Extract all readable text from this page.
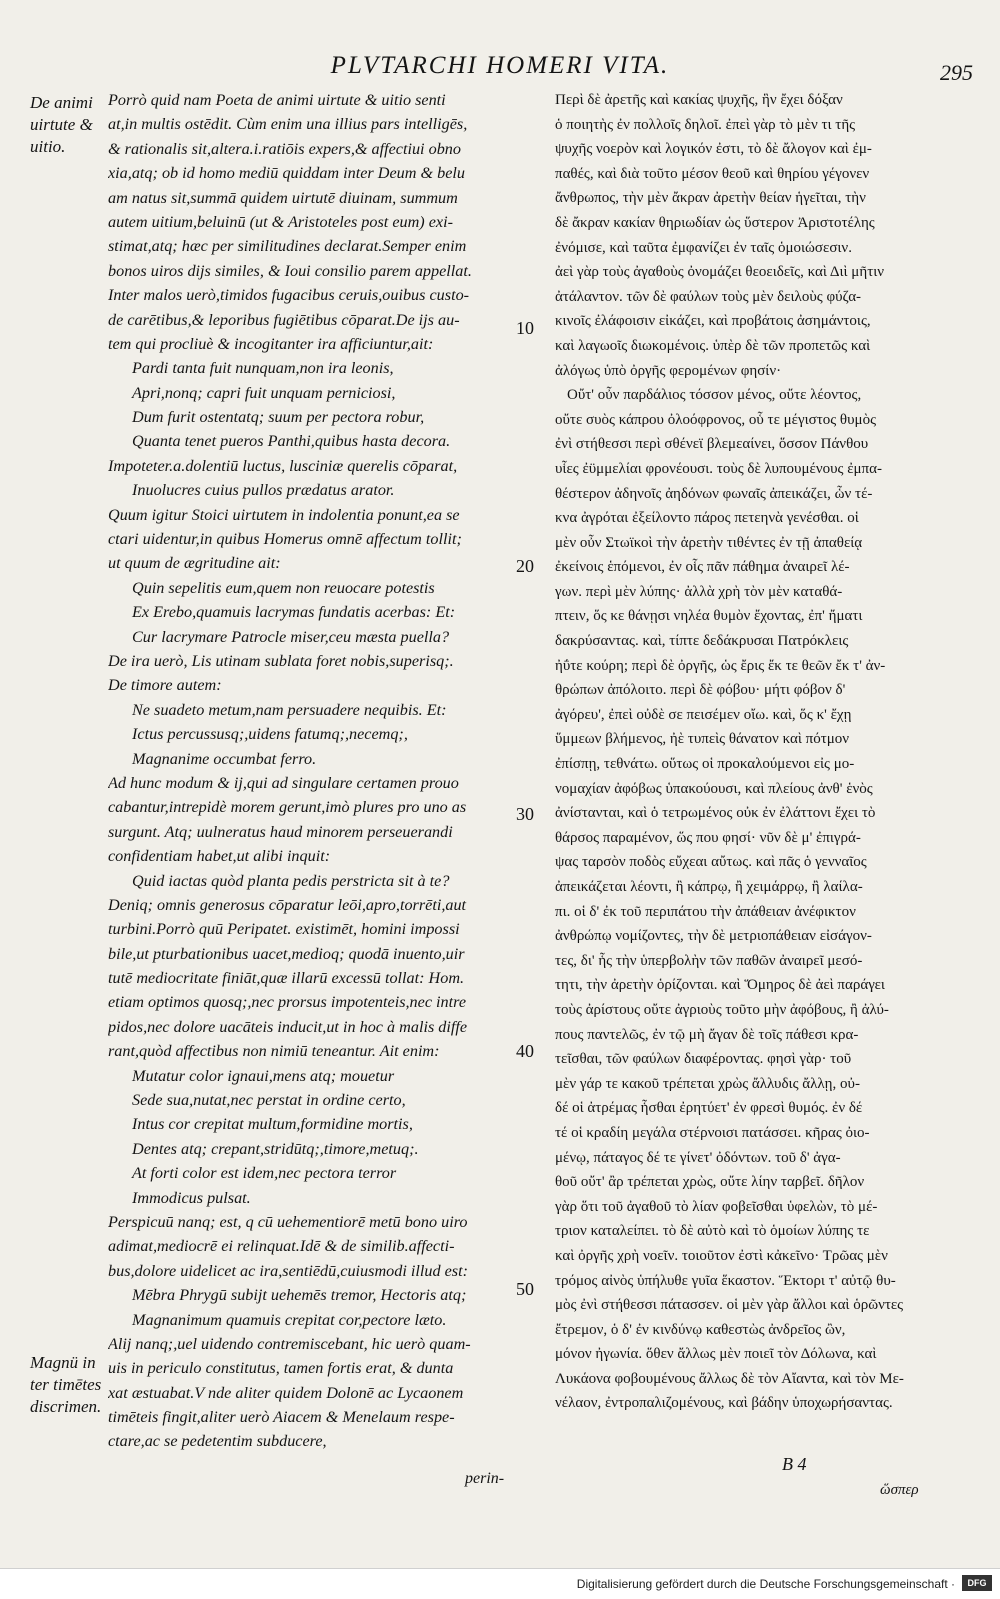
PLVTARCHI HOMERI VITA.	295
De animi
uirtute &
uitio.
Magnü in
ter timētes
discrimen.
Porrò quid nam Poeta de animi uirtute & uitio senti
at,in multis ostēdit. Cùm enim una illius pars intelligēs,
& rationalis sit,altera.i.ratiōis expers,& affectiui obno
xia,atq; ob id homo mediū quiddam inter Deum & belu
am natus sit,summā quidem uirtutē diuinam, summum
autem uitium,beluinū (ut & Aristoteles post eum) exi-
stimat,atq; hæc per similitudines declarat.Semper enim
bonos uiros dijs similes, & Ioui consilio parem appellat.
Inter malos uerò,timidos fugacibus ceruis,ouibus custo-
de carētibus,& leporibus fugiētibus cōparat.De ijs au-
tem qui procliuè & incogitanter ira afficiuntur,ait:
Pardi tanta fuit nunquam,non ira leonis,
Apri,nonq; capri fuit unquam perniciosi,
Dum furit ostentatq; suum per pectora robur,
Quanta tenet pueros Panthi,quibus hasta decora.
Impoteter.a.dolentiū luctus, lusciniæ querelis cōparat,
Inuolucres cuius pullos prædatus arator.
Quum igitur Stoici uirtutem in indolentia ponunt,ea se
ctari uidentur,in quibus Homerus omnē affectum tollit;
ut quum de ægritudine ait:
Quin sepelitis eum,quem non reuocare potestis
Ex Erebo,quamuis lacrymas fundatis acerbas: Et:
Cur lacrymare Patrocle miser,ceu mæsta puella?
De ira uerò, Lis utinam sublata foret nobis,superisq;.
De timore autem:
Ne suadeto metum,nam persuadere nequibis. Et:
Ictus percussusq;,uidens fatumq;,necemq;,
Magnanime occumbat ferro.
Ad hunc modum & ij,qui ad singulare certamen prouo
cabantur,intrepidè morem gerunt,imò plures pro uno as
surgunt. Atq; uulneratus haud minorem perseuerandi
confidentiam habet,ut alibi inquit:
Quid iactas quòd planta pedis perstricta sit à te?
Deniq; omnis generosus cōparatur leōi,apro,torrēti,aut
turbini.Porrò quū Peripatet. existimēt, homini impossi
bile,ut pturbationibus uacet,medioq; quodā inuento,uir
tutē mediocritate finiāt,quæ illarū excessū tollat: Hom.
etiam optimos quosq;,nec prorsus impotenteis,nec intre
pidos,nec dolore uacāteis inducit,ut in hoc à malis diffe
rant,quòd affectibus non nimiū teneantur. Ait enim:
Mutatur color ignaui,mens atq; mouetur
Sede sua,nutat,nec perstat in ordine certo,
Intus cor crepitat multum,formidine mortis,
Dentes atq; crepant,stridūtq;,timore,metuq;.
At forti color est idem,nec pectora terror
Immodicus pulsat.
Perspicuū nanq; est, q cū uehementiorē metū bono uiro
adimat,mediocrē ei relinquat.Idē & de similib.affecti-
bus,dolore uidelicet ac ira,sentiēdū,cuiusmodi illud est:
Mēbra Phrygū subijt uehemēs tremor, Hectoris atq;
Magnanimum quamuis crepitat cor,pectore læto.
Alij nanq;,uel uidendo contremiscebant, hic uerò quam-
uis in periculo constitutus, tamen fortis erat, & dunta
xat æstuabat.V nde aliter quidem Dolonē ac Lycaonem
timēteis fingit,aliter uerò Aiacem & Menelaum respe-
ctare,ac se pedetentim subducere,
10
20
30
40
50
Περὶ δὲ ἀρετῆς καὶ κακίας ψυχῆς, ἣν ἔχει δόξαν
ὁ ποιητὴς ἐν πολλοῖς δηλοῖ. ἐπεὶ γὰρ τὸ μὲν τι τῆς
ψυχῆς νοερὸν καὶ λογικόν ἐστι, τὸ δὲ ἄλογον καὶ ἐμ-
παθές, καὶ διὰ τοῦτο μέσον θεοῦ καὶ θηρίου γέγονεν
ἄνθρωπος, τὴν μὲν ἄκραν ἀρετὴν θείαν ἡγεῖται, τὴν
δὲ ἄκραν κακίαν θηριωδίαν ὡς ὕστερον Ἀριστοτέλης
ἐνόμισε, καὶ ταῦτα ἐμφανίζει ἐν ταῖς ὁμοιώσεσιν.
ἀεὶ γὰρ τοὺς ἀγαθοὺς ὀνομάζει θεοειδεῖς, καὶ Διὶ μῆτιν
ἀτάλαντον. τῶν δὲ φαύλων τοὺς μὲν δειλοὺς φύζα-
κινοῖς ἐλάφοισιν εἰκάζει, καὶ προβάτοις ἀσημάντοις,
καὶ λαγωοῖς διωκομένοις. ὑπὲρ δὲ τῶν προπετῶς καὶ
ἀλόγως ὑπὸ ὀργῆς φερομένων φησίν·
Οὔτ' οὖν παρδάλιος τόσσον μένος, οὔτε λέοντος,
οὔτε συὸς κάπρου ὀλοόφρονος, οὗ τε μέγιστος θυμὸς
ἐνὶ στήθεσσι περὶ σθένεϊ βλεμεαίνει, ὅσσον Πάνθου
υἷες ἐϋμμελίαι φρονέουσι. τοὺς δὲ λυπουμένους ἐμπα-
θέστερον ἀδηνοῖς ἀηδόνων φωναῖς ἀπεικάζει, ὧν τέ-
κνα ἀγρόται ἐξείλοντο πάρος πετεηνὰ γενέσθαι. οἱ
μὲν οὖν Στωϊκοὶ τὴν ἀρετὴν τιθέντες ἐν τῇ ἀπαθείᾳ
ἐκείνοις ἑπόμενοι, ἐν οἷς πᾶν πάθημα ἀναιρεῖ λέ-
γων. περὶ μὲν λύπης· ἀλλὰ χρὴ τὸν μὲν καταθά-
πτειν, ὅς κε θάνῃσι νηλέα θυμὸν ἔχοντας, ἐπ' ἤματι
δακρύσαντας. καὶ, τίπτε δεδάκρυσαι Πατρόκλεις
ἠΰτε κούρη; περὶ δὲ ὀργῆς, ὡς ἔρις ἔκ τε θεῶν ἔκ τ' ἀν-
θρώπων ἀπόλοιτο. περὶ δὲ φόβου· μήτι φόβον δ'
ἀγόρευ', ἐπεὶ οὐδὲ σε πεισέμεν οἴω. καὶ, ὅς κ' ἔχῃ
ὕμμεων βλήμενος, ἠὲ τυπεὶς θάνατον καὶ πότμον
ἐπίσπῃ, τεθνάτω. οὕτως οἱ προκαλούμενοι εἰς μο-
νομαχίαν ἀφόβως ὑπακούουσι, καὶ πλείους ἀνθ' ἑνὸς
ἀνίστανται, καὶ ὁ τετρωμένος οὐκ ἐν ἐλάττονι ἔχει τὸ
θάρσος παραμένον, ὥς που φησί· νῦν δὲ μ' ἐπιγρά-
ψας ταρσὸν ποδὸς εὔχεαι αὔτως. καὶ πᾶς ὁ γενναῖος
ἀπεικάζεται λέοντι, ἢ κάπρῳ, ἢ χειμάρρῳ, ἢ λαίλα-
πι. οἱ δ' ἐκ τοῦ περιπάτου τὴν ἀπάθειαν ἀνέφικτον
ἀνθρώπῳ νομίζοντες, τὴν δὲ μετριοπάθειαν εἰσάγον-
τες, δι' ἧς τὴν ὑπερβολὴν τῶν παθῶν ἀναιρεῖ μεσό-
τητι, τὴν ἀρετὴν ὁρίζονται. καὶ Ὅμηρος δὲ ἀεὶ παράγει
τοὺς ἀρίστους οὔτε ἀγριοὺς τοῦτο μὴν ἀφόβους, ἢ ἀλύ-
πους παντελῶς, ἐν τῷ μὴ ἄγαν δὲ τοῖς πάθεσι κρα-
τεῖσθαι, τῶν φαύλων διαφέροντας. φησὶ γὰρ· τοῦ
μὲν γάρ τε κακοῦ τρέπεται χρὼς ἄλλυδις ἄλλῃ, οὐ-
δέ οἱ ἀτρέμας ἧσθαι ἐρητύετ' ἐν φρεσὶ θυμός. ἐν δέ
τέ οἱ κραδίη μεγάλα στέρνοισι πατάσσει. κῆρας ὀιο-
μένῳ, πάταγος δέ τε γίνετ' ὀδόντων. τοῦ δ' ἀγα-
θοῦ οὔτ' ἂρ τρέπεται χρὼς, οὔτε λίην ταρβεῖ. δῆλον
γὰρ ὅτι τοῦ ἀγαθοῦ τὸ λίαν φοβεῖσθαι ὑφελὼν, τὸ μέ-
τριον καταλείπει. τὸ δὲ αὐτὸ καὶ τὸ ὁμοίων λύπης τε
καὶ ὀργῆς χρὴ νοεῖν. τοιοῦτον ἐστὶ κἀκεῖνο· Τρῶας μὲν
τρόμος αἰνὸς ὑπήλυθε γυῖα ἕκαστον. Ἕκτορι τ' αὐτῷ θυ-
μὸς ἐνὶ στήθεσσι πάτασσεν. οἱ μὲν γὰρ ἄλλοι καὶ ὁρῶντες
ἔτρεμον, ὁ δ' ἐν κινδύνῳ καθεστὼς ἀνδρεῖος ὢν,
μόνον ἠγωνία. ὅθεν ἄλλως μὲν ποιεῖ τὸν Δόλωνα, καὶ
Λυκάονα φοβουμένους ἄλλως δὲ τὸν Αἴαντα, καὶ τὸν Με-
νέλαον, ἐντροπαλιζομένους, καὶ βάδην ὑποχωρήσαντας.
B 4
perin-
ὥσπερ
Digitalisierung gefördert durch die Deutsche Forschungsgemeinschaft ·	DFG
